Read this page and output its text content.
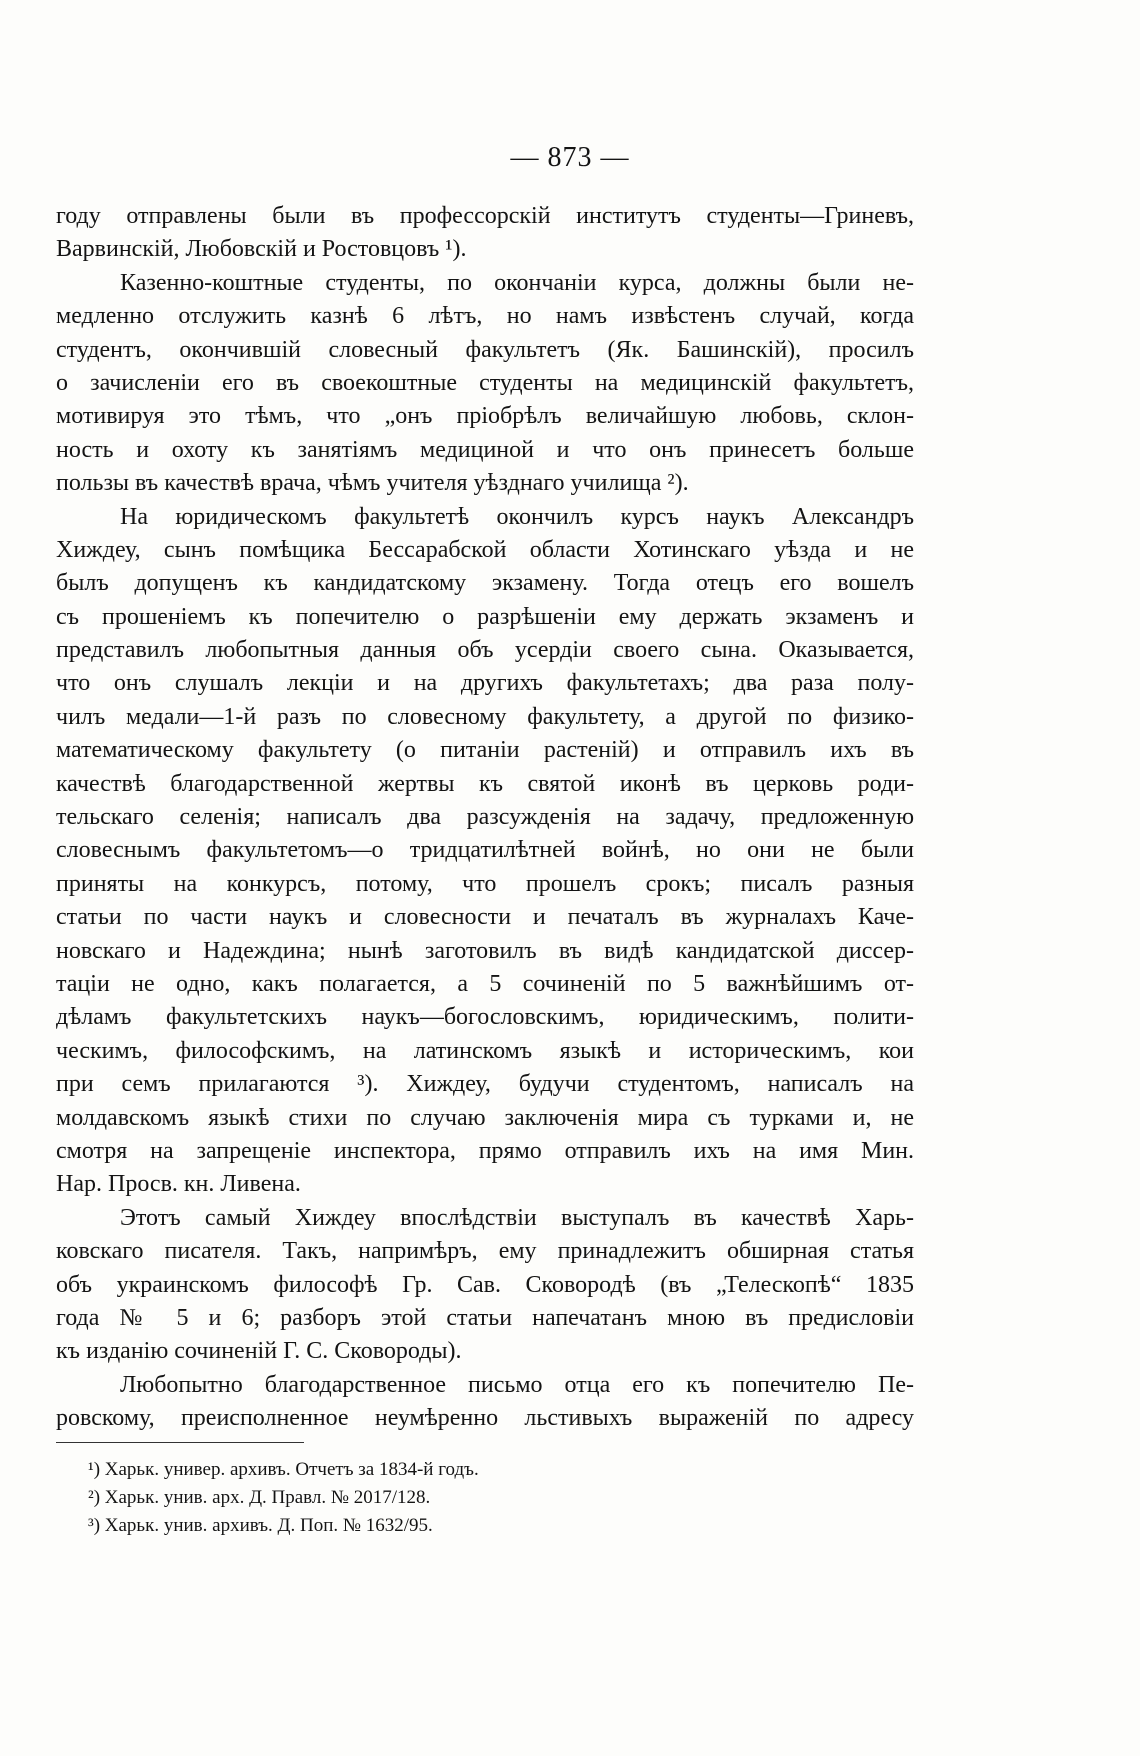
— 873 —
году отправлены были въ профессорскій институтъ студенты—Гриневъ,
Варвинскій, Любовскій и Ростовцовъ ¹).
Казенно-коштные студенты, по окончаніи курса, должны были не-
медленно отслужить казнѣ 6 лѣтъ, но намъ извѣстенъ случай, когда
студентъ, окончившій словесный факультетъ (Як. Башинскій), просилъ
о зачисленіи его въ своекоштные студенты на медицинскій факультетъ,
мотивируя это тѣмъ, что „онъ пріобрѣлъ величайшую любовь, склон-
ность и охоту къ занятіямъ медициной и что онъ принесетъ больше
пользы въ качествѣ врача, чѣмъ учителя уѣзднаго училища ²).
На юридическомъ факультетѣ окончилъ курсъ наукъ Александръ
Хиждеу, сынъ помѣщика Бессарабской области Хотинскаго уѣзда и не
былъ допущенъ къ кандидатскому экзамену. Тогда отецъ его вошелъ
съ прошеніемъ къ попечителю о разрѣшеніи ему держать экзаменъ и
представилъ любопытныя данныя объ усердіи своего сына. Оказывается,
что онъ слушалъ лекціи и на другихъ факультетахъ; два раза полу-
чилъ медали—1-й разъ по словесному факультету, а другой по физико-
математическому факультету (о питаніи растеній) и отправилъ ихъ въ
качествѣ благодарственной жертвы къ святой иконѣ въ церковь роди-
тельскаго селенія; написалъ два разсужденія на задачу, предложенную
словеснымъ факультетомъ—о тридцатилѣтней войнѣ, но они не были
приняты на конкурсъ, потому, что прошелъ срокъ; писалъ разныя
статьи по части наукъ и словесности и печаталъ въ журналахъ Каче-
новскаго и Надеждина; нынѣ заготовилъ въ видѣ кандидатской диссер-
таціи не одно, какъ полагается, а 5 сочиненій по 5 важнѣйшимъ от-
дѣламъ факультетскихъ наукъ—богословскимъ, юридическимъ, полити-
ческимъ, философскимъ, на латинскомъ языкѣ и историческимъ, кои
при семъ прилагаются ³). Хиждеу, будучи студентомъ, написалъ на
молдавскомъ языкѣ стихи по случаю заключенія мира съ турками и, не
смотря на запрещеніе инспектора, прямо отправилъ ихъ на имя Мин.
Нар. Просв. кн. Ливена.
Этотъ самый Хиждеу впослѣдствіи выступалъ въ качествѣ Харь-
ковскаго писателя. Такъ, напримѣръ, ему принадлежитъ обширная статья
объ украинскомъ философѣ Гр. Сав. Сковородѣ (въ „Телескопѣ“ 1835
года № 5 и 6; разборъ этой статьи напечатанъ мною въ предисловіи
къ изданію сочиненій Г. С. Сковороды).
Любопытно благодарственное письмо отца его къ попечителю Пе-
ровскому, преисполненное неумѣренно льстивыхъ выраженій по адресу
¹) Харьк. универ. архивъ. Отчетъ за 1834-й годъ.
²) Харьк. унив. арх. Д. Правл. № 2017/128.
³) Харьк. унив. архивъ. Д. Поп. № 1632/95.
